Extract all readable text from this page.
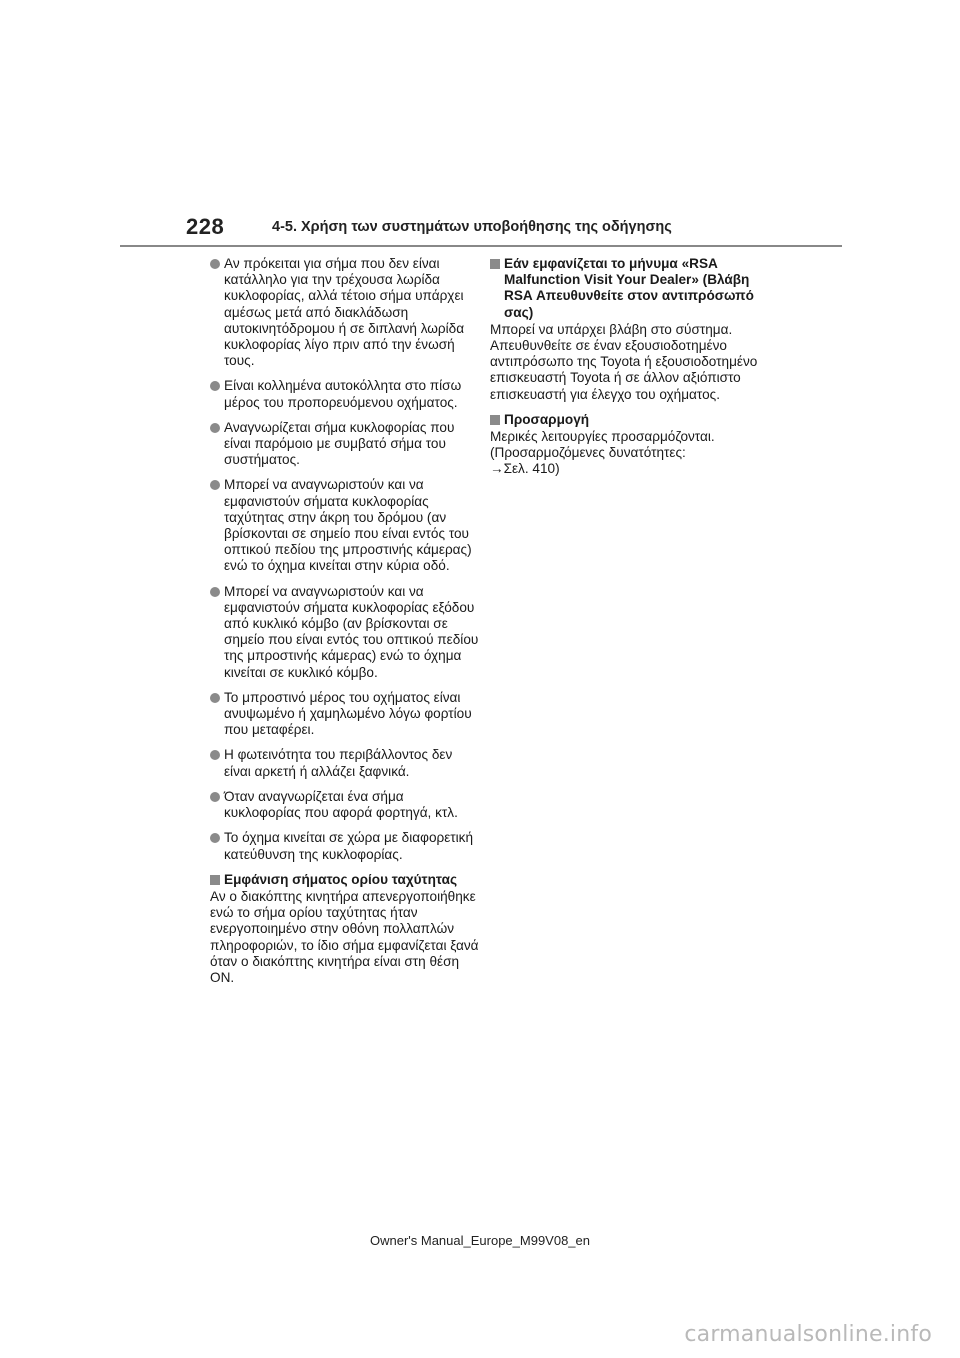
228	4-5. Χρήση των συστημάτων υποβοήθησης της οδήγησης
Αν πρόκειται για σήμα που δεν είναι κατάλληλο για την τρέχουσα λωρίδα κυκλοφορίας, αλλά τέτοιο σήμα υπάρχει αμέσως μετά από διακλάδωση αυτοκινητόδρομου ή σε διπλανή λωρίδα κυκλοφορίας λίγο πριν από την ένωσή τους.
Είναι κολλημένα αυτοκόλλητα στο πίσω μέρος του προπορευόμενου οχήματος.
Αναγνωρίζεται σήμα κυκλοφορίας που είναι παρόμοιο με συμβατό σήμα του συστήματος.
Μπορεί να αναγνωριστούν και να εμφανιστούν σήματα κυκλοφορίας ταχύτητας στην άκρη του δρόμου (αν βρίσκονται σε σημείο που είναι εντός του οπτικού πεδίου της μπροστινής κάμερας) ενώ το όχημα κινείται στην κύρια οδό.
Μπορεί να αναγνωριστούν και να εμφανιστούν σήματα κυκλοφορίας εξόδου από κυκλικό κόμβο (αν βρίσκονται σε σημείο που είναι εντός του οπτικού πεδίου της μπροστινής κάμερας) ενώ το όχημα κινείται σε κυκλικό κόμβο.
Το μπροστινό μέρος του οχήματος είναι ανυψωμένο ή χαμηλωμένο λόγω φορτίου που μεταφέρει.
Η φωτεινότητα του περιβάλλοντος δεν είναι αρκετή ή αλλάζει ξαφνικά.
Όταν αναγνωρίζεται ένα σήμα κυκλοφορίας που αφορά φορτηγά, κτλ.
Το όχημα κινείται σε χώρα με διαφορετική κατεύθυνση της κυκλοφορίας.
Εμφάνιση σήματος ορίου ταχύτητας
Αν ο διακόπτης κινητήρα απενεργοποιήθηκε ενώ το σήμα ορίου ταχύτητας ήταν ενεργοποιημένο στην οθόνη πολλαπλών πληροφοριών, το ίδιο σήμα εμφανίζεται ξανά όταν ο διακόπτης κινητήρα είναι στη θέση ON.
Εάν εμφανίζεται το μήνυμα «RSA Malfunction Visit Your Dealer» (Βλάβη RSA Απευθυνθείτε στον αντιπρόσωπό σας)
Μπορεί να υπάρχει βλάβη στο σύστημα. Απευθυνθείτε σε έναν εξουσιοδοτημένο αντιπρόσωπο της Toyota ή εξουσιοδοτημένο επισκευαστή Toyota ή σε άλλον αξιόπιστο επισκευαστή για έλεγχο του οχήματος.
Προσαρμογή
Μερικές λειτουργίες προσαρμόζονται. (Προσαρμοζόμενες δυνατότητες:
→Σελ. 410)
Owner's Manual_Europe_M99V08_en
carmanualsonline.info
